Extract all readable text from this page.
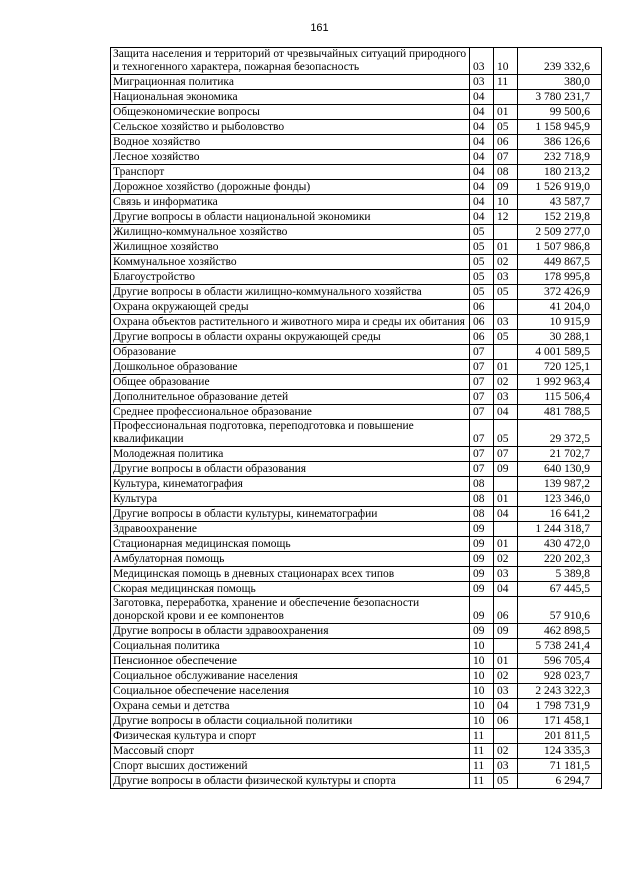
161
Защита населения и территорий от чрезвычайных ситуаций природного и техногенного характера, пожарная безопасность	03	10	239 332,6
Миграционная политика	03	11	380,0
Национальная экономика	04		3 780 231,7
Общеэкономические вопросы	04	01	99 500,6
Сельское хозяйство и рыболовство	04	05	1 158 945,9
Водное хозяйство	04	06	386 126,6
Лесное хозяйство	04	07	232 718,9
Транспорт	04	08	180 213,2
Дорожное хозяйство (дорожные фонды)	04	09	1 526 919,0
Связь и информатика	04	10	43 587,7
Другие вопросы в области национальной экономики	04	12	152 219,8
Жилищно-коммунальное хозяйство	05		2 509 277,0
Жилищное хозяйство	05	01	1 507 986,8
Коммунальное хозяйство	05	02	449 867,5
Благоустройство	05	03	178 995,8
Другие вопросы в области жилищно-коммунального хозяйства	05	05	372 426,9
Охрана окружающей среды	06		41 204,0
Охрана объектов растительного и животного мира и среды их обитания	06	03	10 915,9
Другие вопросы в области охраны окружающей среды	06	05	30 288,1
Образование	07		4 001 589,5
Дошкольное образование	07	01	720 125,1
Общее образование	07	02	1 992 963,4
Дополнительное образование детей	07	03	115 506,4
Среднее профессиональное образование	07	04	481 788,5
Профессиональная подготовка, переподготовка и повышение квалификации	07	05	29 372,5
Молодежная политика	07	07	21 702,7
Другие вопросы в области образования	07	09	640 130,9
Культура, кинематография	08		139 987,2
Культура	08	01	123 346,0
Другие вопросы в области культуры, кинематографии	08	04	16 641,2
Здравоохранение	09		1 244 318,7
Стационарная медицинская помощь	09	01	430 472,0
Амбулаторная помощь	09	02	220 202,3
Медицинская помощь в дневных стационарах всех типов	09	03	5 389,8
Скорая медицинская помощь	09	04	67 445,5
Заготовка, переработка, хранение и обеспечение безопасности донорской крови и ее компонентов	09	06	57 910,6
Другие вопросы в области здравоохранения	09	09	462 898,5
Социальная политика	10		5 738 241,4
Пенсионное обеспечение	10	01	596 705,4
Социальное обслуживание населения	10	02	928 023,7
Социальное обеспечение населения	10	03	2 243 322,3
Охрана семьи и детства	10	04	1 798 731,9
Другие вопросы в области социальной политики	10	06	171 458,1
Физическая культура и спорт	11		201 811,5
Массовый спорт	11	02	124 335,3
Спорт высших достижений	11	03	71 181,5
Другие вопросы в области физической культуры и спорта	11	05	6 294,7
